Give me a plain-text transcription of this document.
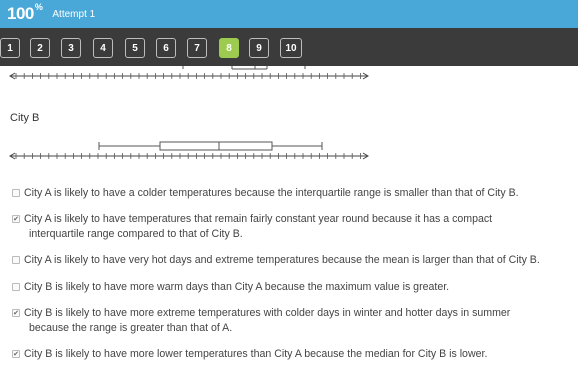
100%
Attempt 1
1	2	3	4	5	6	7	8	9	10
City B
City A is likely to have a colder temperatures because the interquartile range is smaller than that of City B.
✔ City A is likely to have temperatures that remain fairly constant year round because it has a compact
interquartile range compared to that of City B.
City A is likely to have very hot days and extreme temperatures because the mean is larger than that of City B.
City B is likely to have more warm days than City A because the maximum value is greater.
✔ City B is likely to have more extreme temperatures with colder days in winter and hotter days in summer
because the range is greater than that of A.
✔ City B is likely to have more lower temperatures than City A because the median for City B is lower.
